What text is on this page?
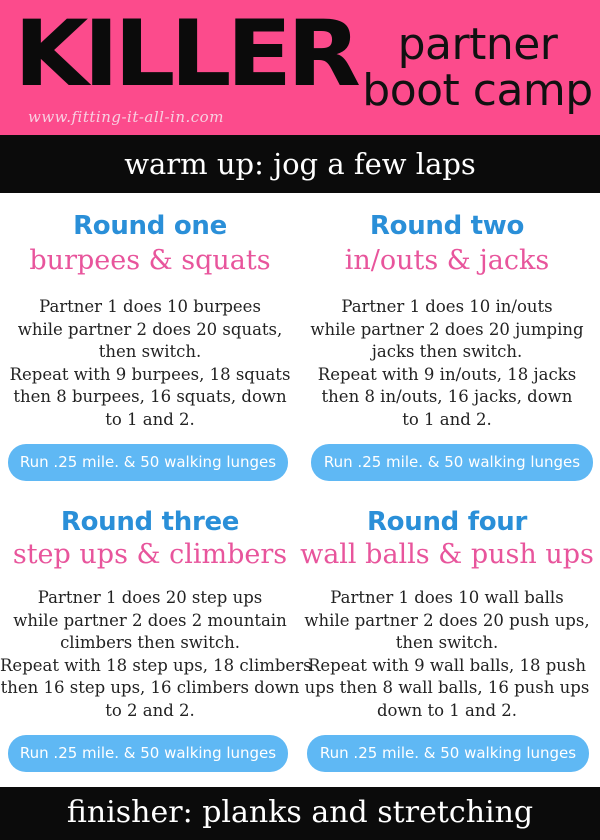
KILLER partner
boot camp
www.fitting-it-all-in.com
warm up: jog a few laps
Round one
burpees & squats
Partner 1 does 10 burpees
while partner 2 does 20 squats,
then switch.
Repeat with 9 burpees, 18 squats
then 8 burpees, 16 squats, down
to 1 and 2.
Run .25 mile. & 50 walking lunges
Round two
in/outs & jacks
Partner 1 does 10 in/outs
while partner 2 does 20 jumping
jacks then switch.
Repeat with 9 in/outs, 18 jacks
then 8 in/outs, 16 jacks, down
to 1 and 2.
Run .25 mile. & 50 walking lunges
Round three
step ups & climbers
Partner 1 does 20 step ups
while partner 2 does 2 mountain
climbers then switch.
Repeat with 18 step ups, 18 climbers
then 16 step ups, 16 climbers down
to 2 and 2.
Run .25 mile. & 50 walking lunges
Round four
wall balls & push ups
Partner 1 does 10 wall balls
while partner 2 does 20 push ups,
then switch.
Repeat with 9 wall balls, 18 push
ups then 8 wall balls, 16 push ups
down to 1 and 2.
Run .25 mile. & 50 walking lunges
finisher: planks and stretching
